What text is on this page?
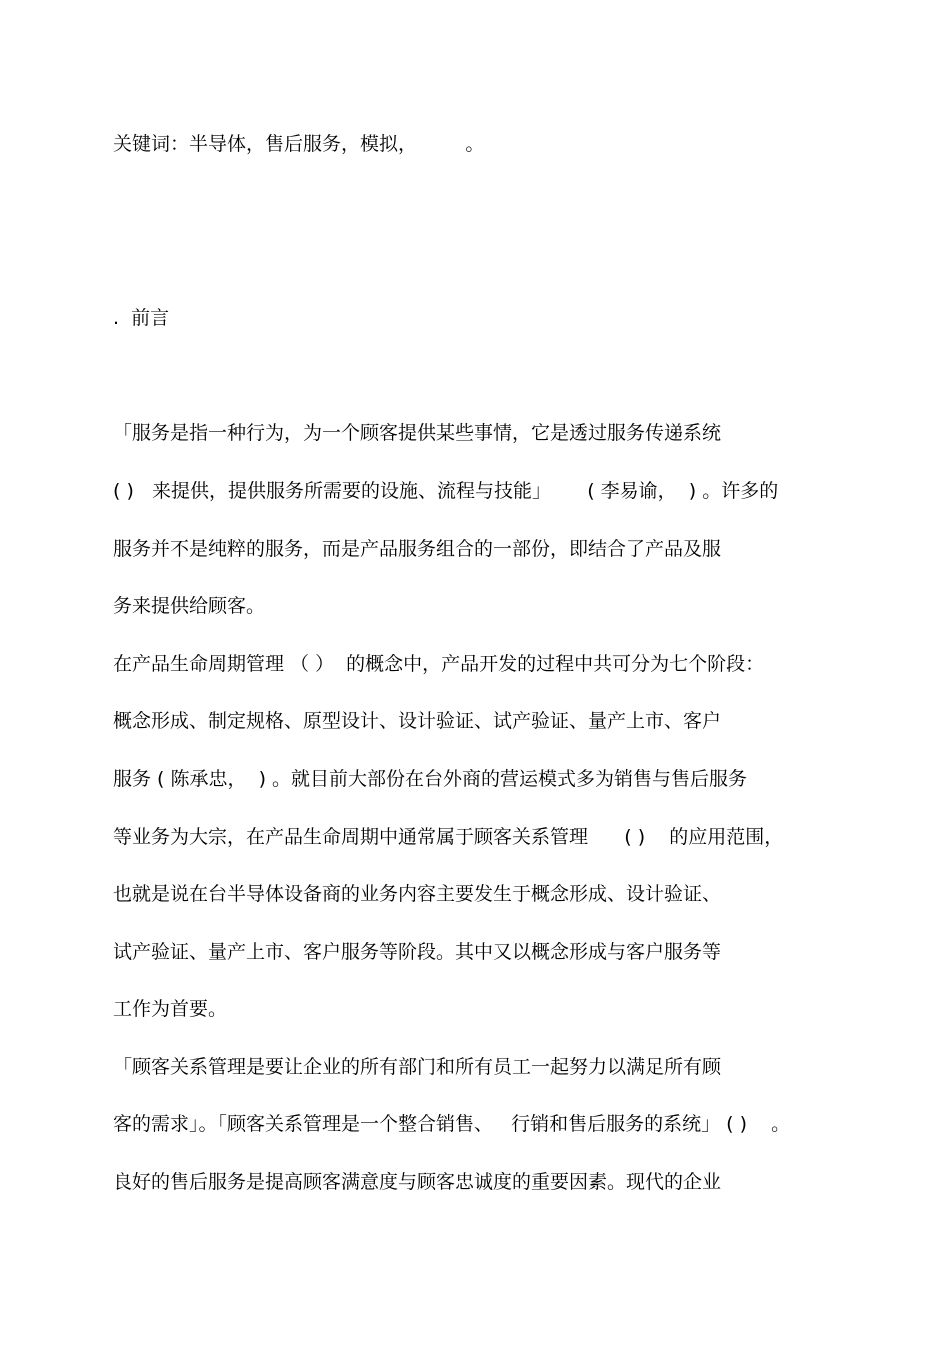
关键词：半导体，售后服务，模拟，        。
.  前言
「服务是指一种行为，为一个顾客提供某些事情，它是透过服务传递系统
( )   来提供，提供服务所需要的设施、流程与技能」      ( 李易谕，  ) 。许多的
服务并不是纯粹的服务，而是产品服务组合的一部份，即结合了产品及服
务来提供给顾客。
在产品生命周期管理 （ ）  的概念中，产品开发的过程中共可分为七个阶段：
概念形成、制定规格、原型设计、设计验证、试产验证、量产上市、客户
服务 ( 陈承忠，  ) 。就目前大部份在台外商的营运模式多为销售与售后服务
等业务为大宗，在产品生命周期中通常属于顾客关系管理      ( )    的应用范围，
也就是说在台半导体设备商的业务内容主要发生于概念形成、设计验证、
试产验证、量产上市、客户服务等阶段。其中又以概念形成与客户服务等
工作为首要。
「顾客关系管理是要让企业的所有部门和所有员工一起努力以满足所有顾
客的需求」。「顾客关系管理是一个整合销售、   行销和售后服务的系统」 ( )    。
良好的售后服务是提高顾客满意度与顾客忠诚度的重要因素。现代的企业
